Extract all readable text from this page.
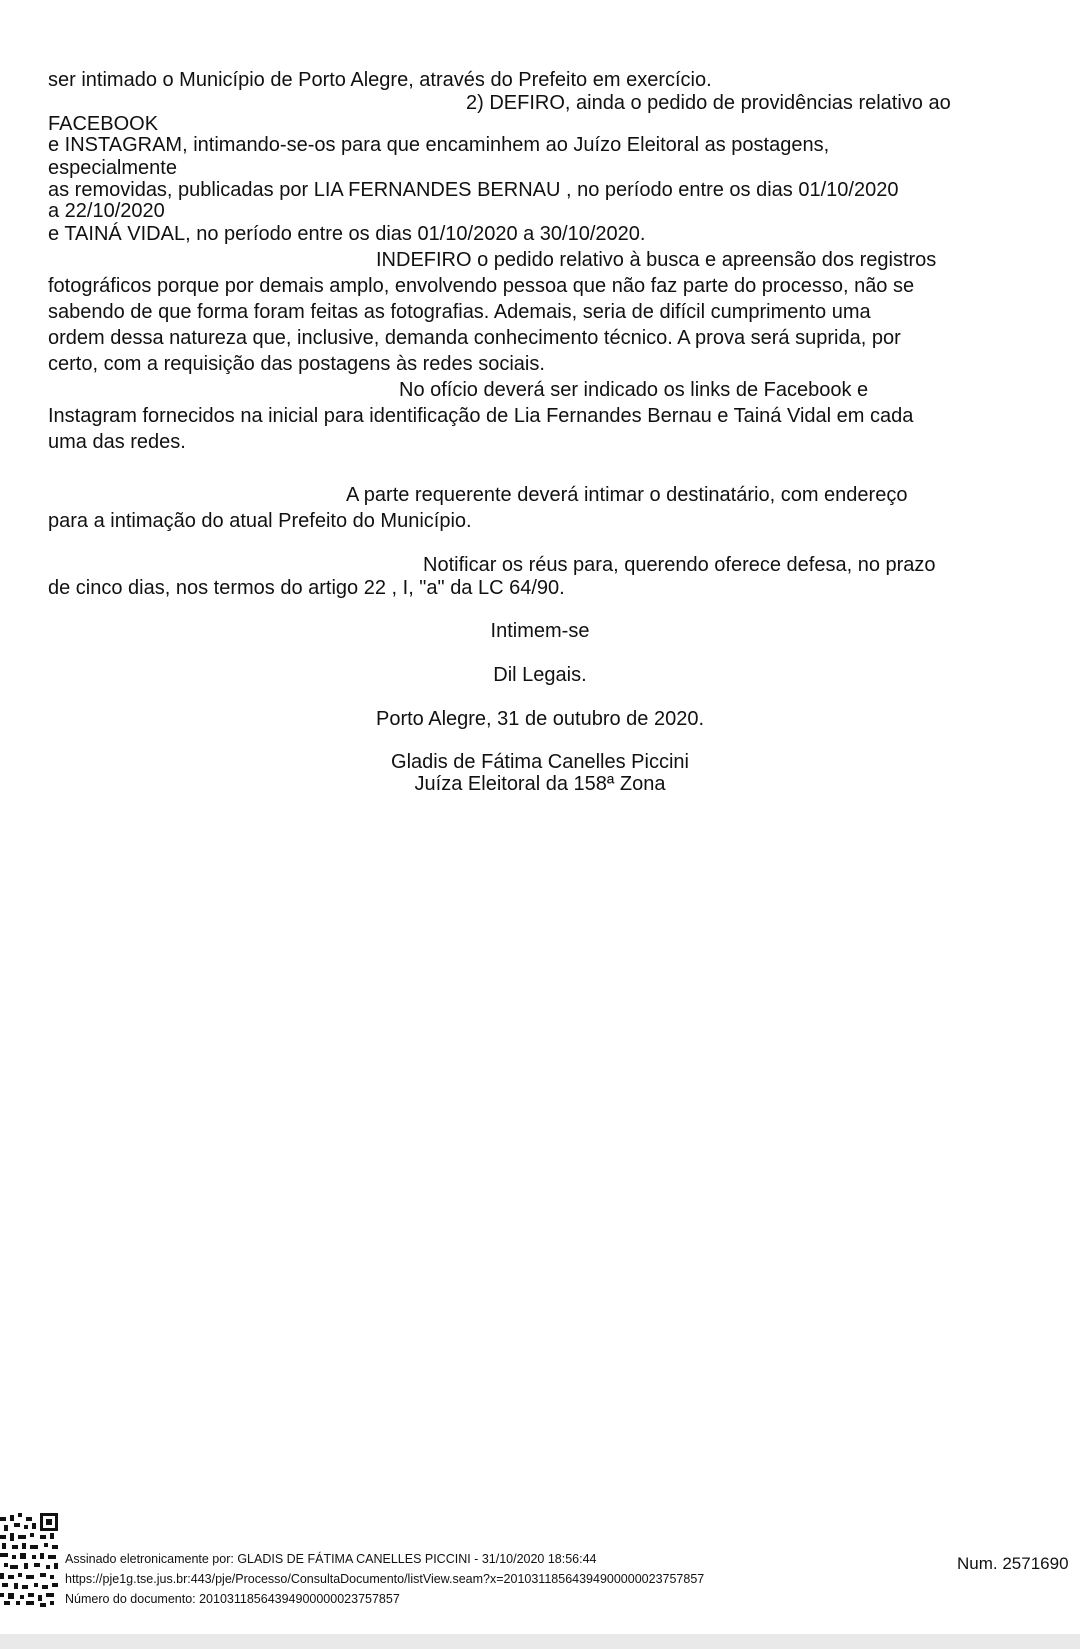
ser intimado o Município de Porto Alegre, através do Prefeito em exercício.
2) DEFIRO, ainda o pedido de providências relativo ao
FACEBOOK
e INSTAGRAM, intimando-se-os para que encaminhem ao Juízo Eleitoral as postagens,
especialmente
as removidas, publicadas por LIA FERNANDES BERNAU , no período entre os dias 01/10/2020
a 22/10/2020
e TAINÁ VIDAL, no período entre os dias 01/10/2020 a 30/10/2020.
INDEFIRO o pedido relativo à busca e apreensão dos registros
fotográficos porque por demais amplo, envolvendo pessoa que não faz parte do processo, não se
sabendo de que forma foram feitas as fotografias. Ademais, seria de difícil cumprimento uma
ordem dessa natureza que, inclusive, demanda conhecimento técnico. A prova será suprida, por
certo, com a requisição das postagens às redes sociais.
No ofício deverá ser indicado os links de Facebook e
Instagram fornecidos na inicial para identificação de Lia Fernandes Bernau e Tainá Vidal em cada
uma das redes.
A parte requerente deverá intimar o destinatário, com endereço
para a intimação do atual Prefeito do Município.
Notificar os réus para, querendo oferece defesa, no prazo
de cinco dias, nos termos do artigo 22 , I, "a" da LC 64/90.
Intimem-se
Dil Legais.
Porto Alegre, 31 de outubro de 2020.
Gladis de Fátima Canelles Piccini
Juíza Eleitoral da 158ª Zona
Assinado eletronicamente por: GLADIS DE FÁTIMA CANELLES PICCINI - 31/10/2020 18:56:44
https://pje1g.tse.jus.br:443/pje/Processo/ConsultaDocumento/listView.seam?x=20103118564394900000023757857
Número do documento: 20103118564394900000023757857
Num. 2571690
